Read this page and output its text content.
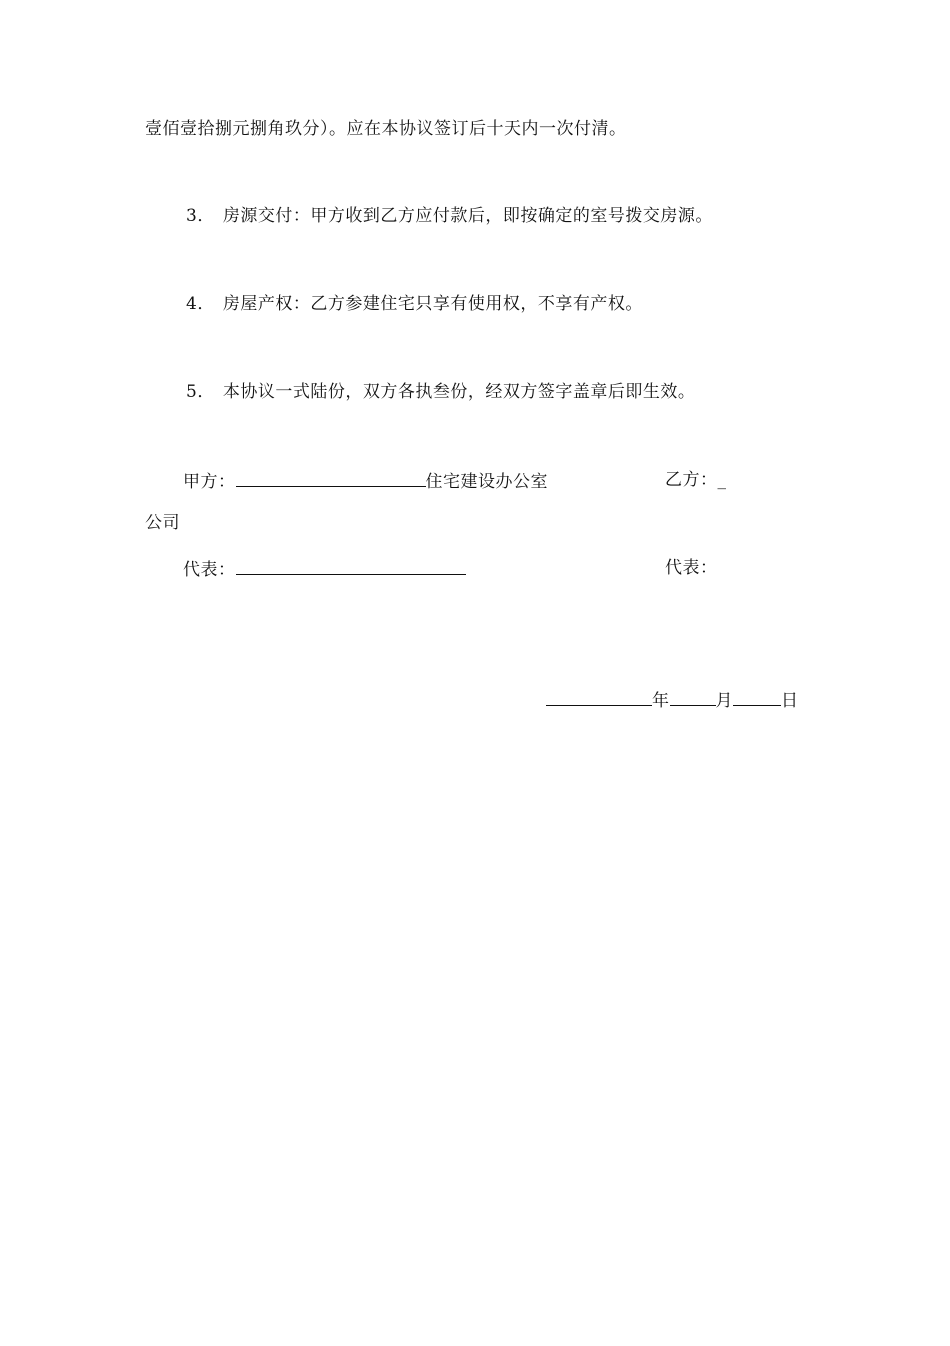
壹佰壹拾捌元捌角玖分）。应在本协议签订后十天内一次付清。
3． 房源交付：甲方收到乙方应付款后，即按确定的室号拨交房源。
4． 房屋产权：乙方参建住宅只享有使用权，不享有产权。
5． 本协议一式陆份，双方各执叁份，经双方签字盖章后即生效。
甲方：	住宅建设办公室	乙方：_
公司
代表：	代表：
年	月	日
